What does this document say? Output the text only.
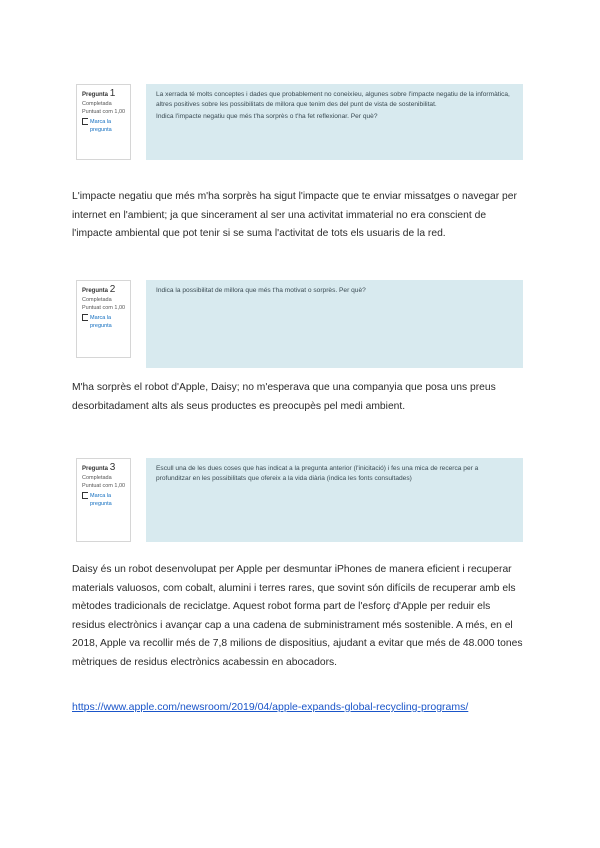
Pregunta 1
Completada
Puntuat com 1,00
Marca la pregunta

La xerrada té molts conceptes i dades que probablement no coneixíeu, algunes sobre l'impacte negatiu de la informàtica, altres positives sobre les possibilitats de millora que tenim des del punt de vista de sostenibilitat.

Indica l'impacte negatiu que més t'ha sorprès o t'ha fet reflexionar. Per què?

L'impacte negatiu que més m'ha sorprès ha sigut l'impacte que te enviar missatges o navegar per internet en l'ambient; ja que sincerament al ser una activitat immaterial no era conscient de l'impacte ambiental que pot tenir si se suma l'activitat de tots els usuaris de la red.

Pregunta 2
Completada
Puntuat com 1,00
Marca la pregunta

Indica la possibilitat de millora que més t'ha motivat o sorprès. Per què?

M'ha sorprès el robot d'Apple, Daisy; no m'esperava que una companyia que posa uns preus desorbitadament alts als seus productes es preocupès pel medi ambient.

Pregunta 3
Completada
Puntuat com 1,00
Marca la pregunta

Escull una de les dues coses que has indicat a la pregunta anterior (l'inicitació) i fes una mica de recerca per a profunditzar en les possibilitats que ofereix a la vida diària (indica les fonts consultades)

Daisy és un robot desenvolupat per Apple per desmuntar iPhones de manera eficient i recuperar materials valuosos, com cobalt, alumini i terres rares, que sovint són difícils de recuperar amb els mètodes tradicionals de reciclatge. Aquest robot forma part de l'esforç d'Apple per reduir els residus electrònics i avançar cap a una cadena de subministrament més sostenible. A més, en el 2018, Apple va recollir més de 7,8 milions de dispositius, ajudant a evitar que més de 48.000 tones mètriques de residus electrònics acabessin en abocadors.

https://www.apple.com/newsroom/2019/04/apple-expands-global-recycling-programs/
